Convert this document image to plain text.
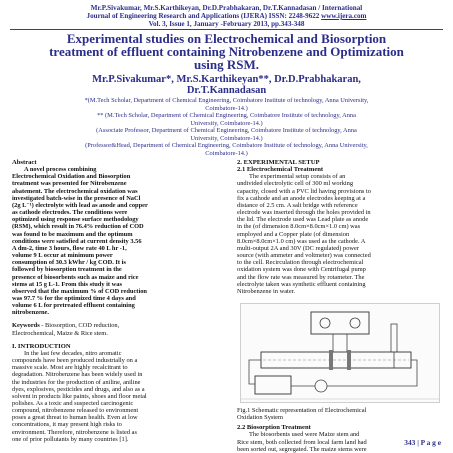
Mr.P.Sivakumar, Mr.S.Karthikeyan, Dr.D.Prabhakaran, Dr.T.Kannadasan / International
Journal of Engineering Research and Applications (IJERA) ISSN: 2248-9622 www.ijera.com
Vol. 3, Issue 1, January -February 2013, pp.343-348
Experimental studies on Electrochemical and Biosorption
treatment of effluent containing Nitrobenzene and Optimization
using RSM.
Mr.P.Sivakumar*, Mr.S.Karthikeyan**, Dr.D.Prabhakaran,
Dr.T.Kannadasan
*(M.Tech Scholar, Department of Chemical Engineering, Coimbatore Institute of technology, Anna University,
Coimbatore-14.)
** (M.Tech Scholar, Department of Chemical Engineering, Coimbatore Institute of technology, Anna
University, Coimbatore-14.)
(Associate Professor, Department of Chemical Engineering, Coimbatore Institute of technology, Anna
University, Coimbatore-14.)
(Professor&Head, Department of Chemical Engineering, Coimbatore Institute of technology, Anna University,
Coimbatore-14.)

Abstract

A novel process combining

Electrochemical Oxidation and Biosorption

treatment was presented for Nitrobenzene

abatement. The electrochemical oxidation was

investigated batch-wise in the presence of NaCl

(2g L⁻¹) electrolyte with lead as anode and copper

as cathode electrodes. The conditions were

optimized using response surface methodology

(RSM), which result in 76.4% reduction of COD

was found to be maximum and the optimum

conditions were satisfied at current density 3.56

A dm-2, time 3 hours, flow rate 40 L hr -1,

volume 9 L occur at minimum power

consumption of 30.3 kWhr / kg COD. It is

followed by biosorption treatment in the

presence of biosorbents such as maize and rice

stems at 15 g L-1. From this study it was

observed that the maximum % of COD reduction

was 97.7 % for the optimized time 4 days and

volume 6 L for pretreated effluent containing

nitrobenzene.

Keywords - Biosorption, COD reduction,

Electrochemical, Maize & Rice stem.

I. INTRODUCTION

In the last few decades, nitro aromatic

compounds have been produced industrially on a

massive scale. Most are highly recalcitrant to

degradation. Nitrobenzene has been widely used in

the industries for the production of aniline, aniline

dyes, explosives, pesticides and drugs, and also as a

solvent in products like paints, shoes and floor metal

polishes. As a toxic and suspected carcinogenic

compound, nitrobenzene released to environment

poses a great threat to human health. Even at low

concentrations, it may present high risks to

environment. Therefore, nitrobenzene is listed as

one of prior pollutants by many countries [1].

2. EXPERIMENTAL SETUP

2.1 Electrochemical Treatment

The experimental setup consists of an

undivided electrolytic cell of 300 ml working

capacity, closed with a PVC lid having provisions to

fix a cathode and an anode electrodes keeping at a

distance of 2.5 cm. A salt bridge with reference

electrode was inserted through the holes provided in

the lid. The electrode used was Lead plate as anode

in the (of dimension 8.0cm×8.0cm×1.0 cm) was

employed and a Copper plate (of dimension

8.0cm×8.0cm×1.0 cm) was used as the cathode. A

multi-output 2A and 30V (DC regulated) power

source (with ammeter and voltmeter) was connected

to the cell. Recirculation through electrochemical

oxidation system was done with Centrifugal pump

and the flow rate was measured by rotameter. The

electrolyte taken was synthetic effluent containing

Nitrobenzene in water.

Fig.1 Schematic representation of Electrochemical

Oxidation System

2.2 Biosorption Treatment

The biosorbents used were Maize stem and

Rice stem, both collected from local farm land had

been sorted out, segregated. The maize stems were

343 | P a g e
